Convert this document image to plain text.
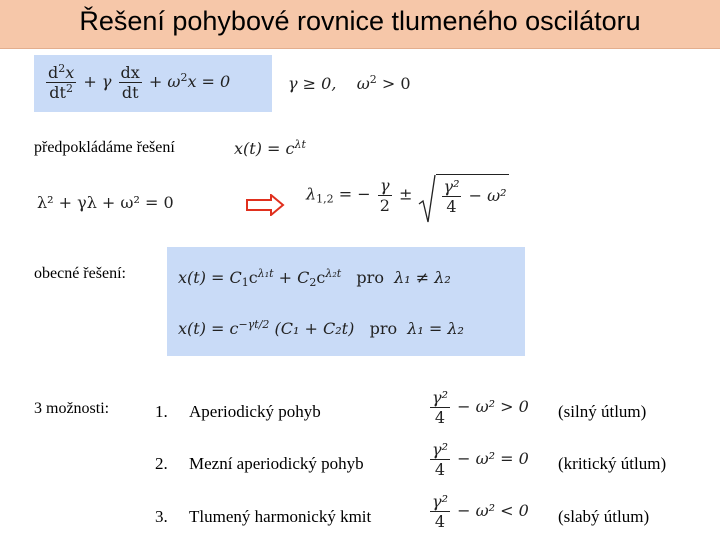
Řešení pohybové rovnice tlumeného oscilátoru
$\frac{d^2x}{dt^2} + \gamma \frac{dx}{dt} + \omega^2x = 0$	γ ≥ 0, $\omega^2 > 0$
předpokládáme řešení	$x(t) = c^{\lambda t}$
λ² + γλ + ω² = 0	$\lambda_{1,2}$ = − $\frac{\gamma}{2} \pm \frac{\text{γ²}}{4} - \omega^2$
obecné řešení:	$x(t) = C_1c^{\lambda_1t} + C_2c^{\lambda_2t}$ pro λ₁ ≠ λ₂
$x(t) = c^{-\gamma t/2}$ (C₁ + C₂t) pro λ₁ = λ₂
3 možnosti:	1. Aperiodický pohyb	$\frac{\text{γ²}}{4} - \omega^2 > 0$ (silný útlum)
2. Mezní aperiodický pohyb	$\frac{\text{γ²}}{4} - \omega^2 = 0$ (kritický útlum)
3. Tlumený harmonický kmit	$\frac{\text{γ²}}{4} - \omega^2 < 0$ (slabý útlum)
